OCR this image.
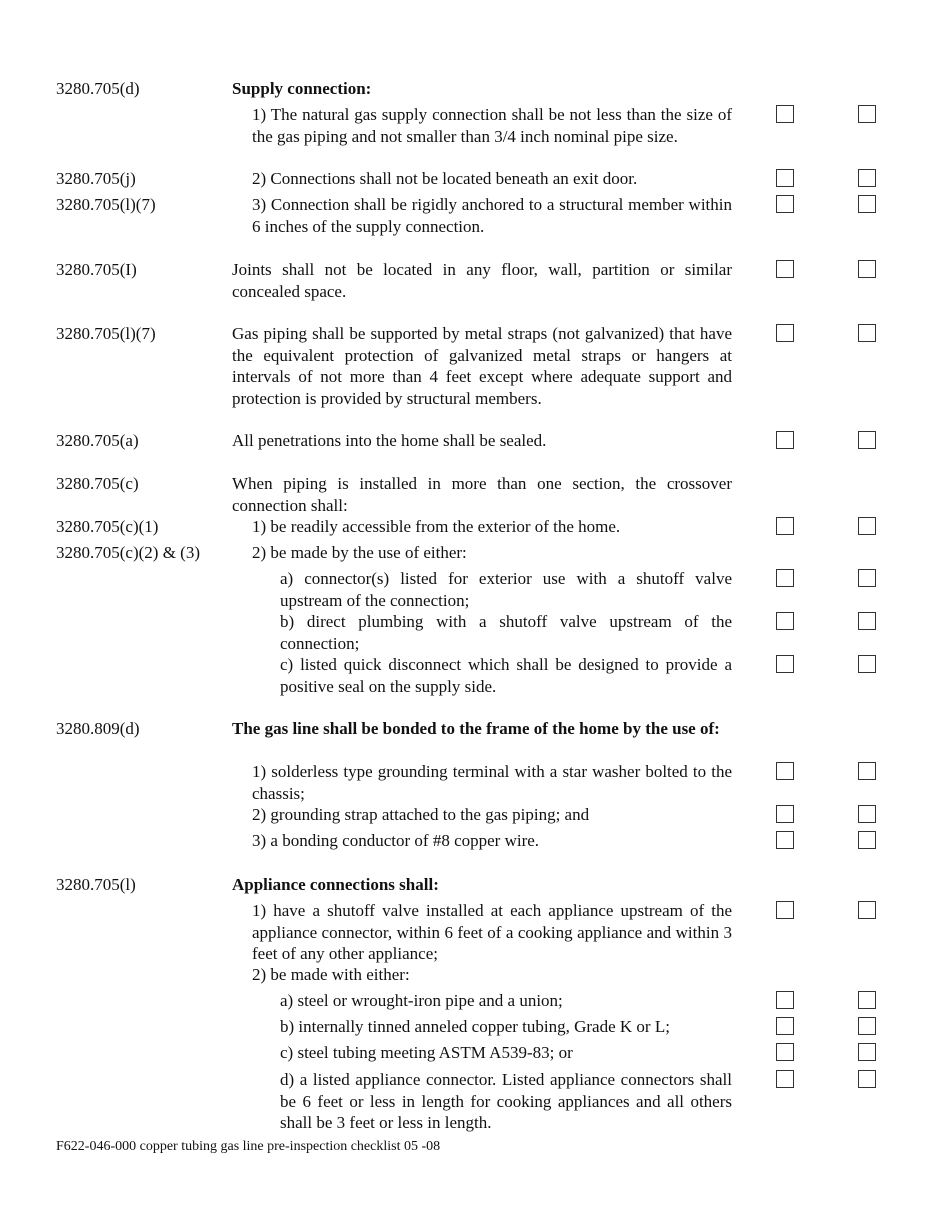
3280.705(d)	Supply connection:
1) The natural gas supply connection shall be not less than the size of the gas piping and not smaller than 3/4 inch nominal pipe size.
3280.705(j)	2) Connections shall not be located beneath an exit door.
3280.705(l)(7)	3) Connection shall be rigidly anchored to a structural member within 6 inches of the supply connection.
3280.705(I)	Joints shall not be located in any floor, wall, partition or similar concealed space.
3280.705(l)(7)	Gas piping shall be supported by metal straps (not galvanized) that have the equivalent protection of galvanized metal straps or hangers at intervals of not more than 4 feet except where adequate support and protection is provided by structural members.
3280.705(a)	All penetrations into the home shall be sealed.
3280.705(c)	When piping is installed in more than one section, the crossover connection shall:
3280.705(c)(1)	1) be readily accessible from the exterior of the home.
3280.705(c)(2) & (3)	2) be made by the use of either:
a) connector(s) listed for exterior use with a shutoff valve upstream of the connection;
b) direct plumbing with a shutoff valve upstream of the connection;
c) listed quick disconnect which shall be designed to provide a positive seal on the supply side.
3280.809(d)	The gas line shall be bonded to the frame of the home by the use of:
1) solderless type grounding terminal with a star washer bolted to the chassis;
2) grounding strap attached to the gas piping; and
3) a bonding conductor of #8 copper wire.
3280.705(l)	Appliance connections shall:
1) have a shutoff valve installed at each appliance upstream of the appliance connector, within 6 feet of a cooking appliance and within 3 feet of any other appliance;
2) be made with either:
a) steel or wrought-iron pipe and a union;
b) internally tinned anneled copper tubing, Grade K or L;
c) steel tubing meeting ASTM A539-83; or
d) a listed appliance connector. Listed appliance connectors shall be 6 feet or less in length for cooking appliances and all others shall be 3 feet or less in length.
F622-046-000 copper tubing gas line pre-inspection checklist 05 -08
